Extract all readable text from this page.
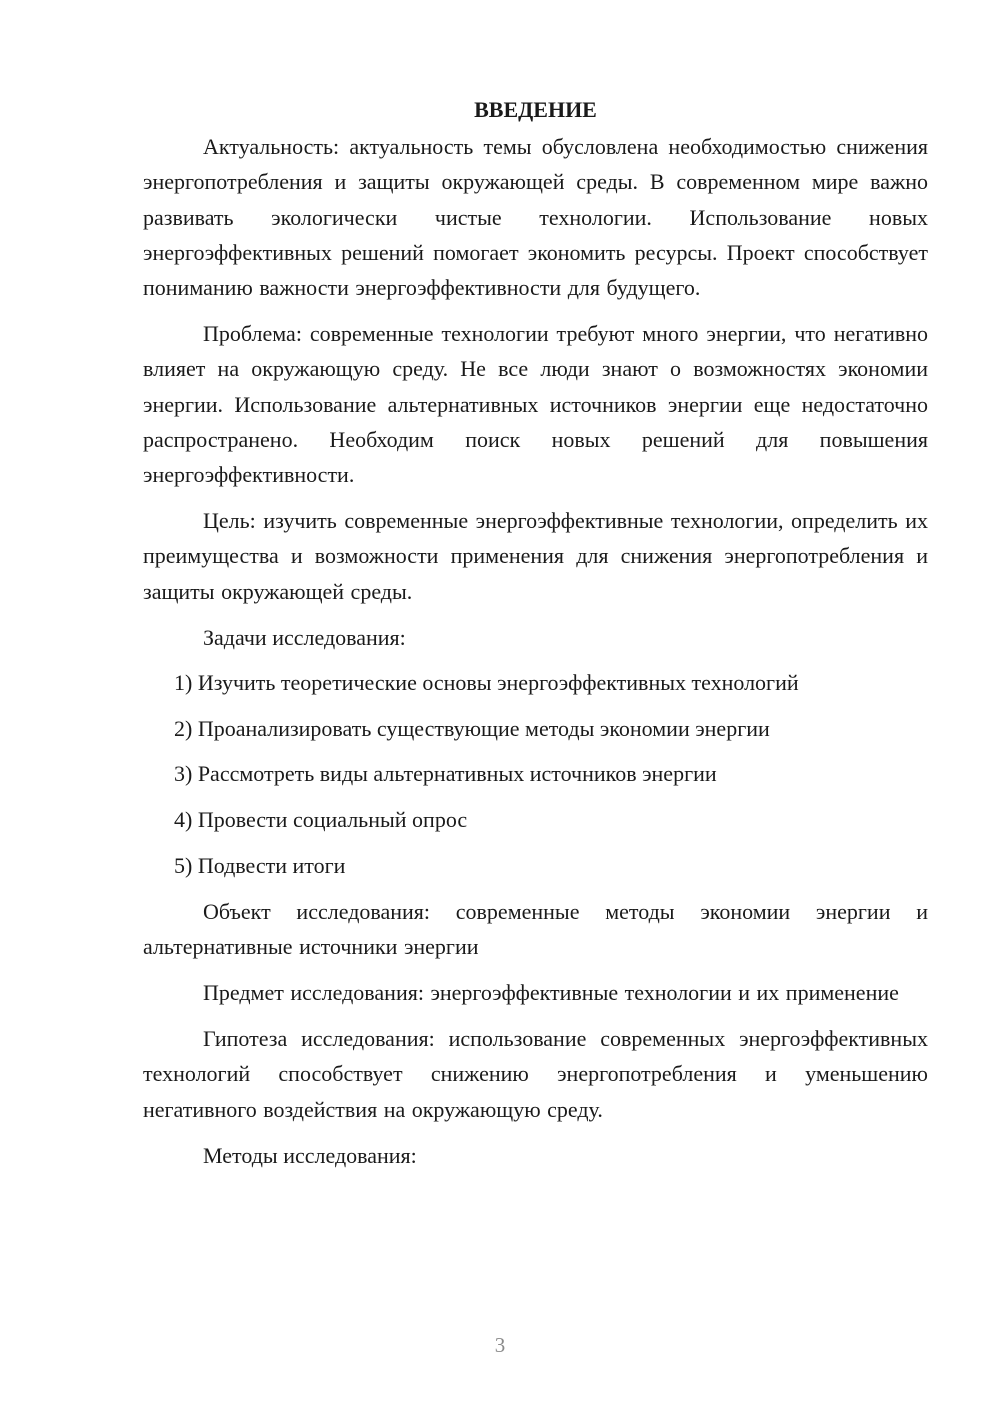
ВВЕДЕНИЕ

Актуальность: актуальность темы обусловлена необходимостью снижения энергопотребления и защиты окружающей среды. В современном мире важно развивать экологически чистые технологии. Использование новых энергоэффективных решений помогает экономить ресурсы. Проект способствует пониманию важности энергоэффективности для будущего.

Проблема: современные технологии требуют много энергии, что негативно влияет на окружающую среду. Не все люди знают о возможностях экономии энергии. Использование альтернативных источников энергии еще недостаточно распространено. Необходим поиск новых решений для повышения энергоэффективности.

Цель: изучить современные энергоэффективные технологии, определить их преимущества и возможности применения для снижения энергопотребления и защиты окружающей среды.

Задачи исследования:

1) Изучить теоретические основы энергоэффективных технологий
2) Проанализировать существующие методы экономии энергии
3) Рассмотреть виды альтернативных источников энергии
4) Провести социальный опрос
5) Подвести итоги

Объект исследования: современные методы экономии энергии и альтернативные источники энергии

Предмет исследования: энергоэффективные технологии и их применение

Гипотеза исследования: использование современных энергоэффективных технологий способствует снижению энергопотребления и уменьшению негативного воздействия на окружающую среду.

Методы исследования:

3
